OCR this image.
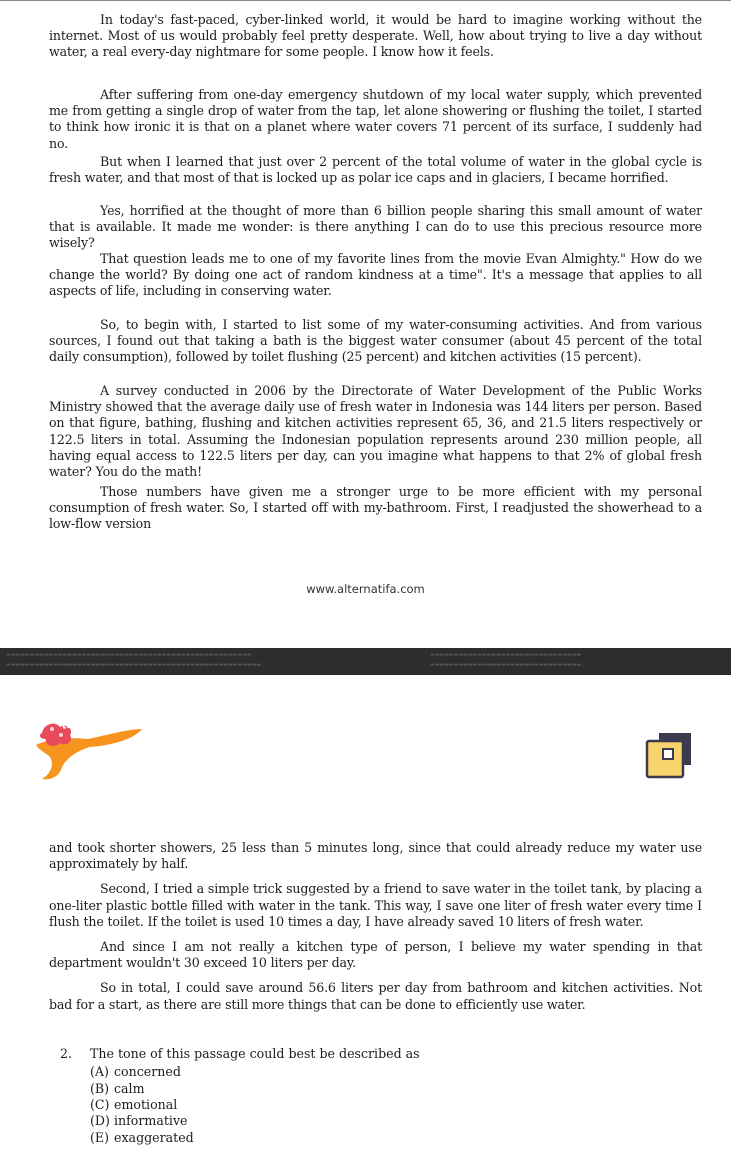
In today's fast-paced, cyber-linked world, it would be hard to imagine working without the internet. Most of us would probably feel pretty desperate. Well, how about trying to live a day without water, a real every-day nightmare for some people. I know how it feels.

After suffering from one-day emergency shutdown of my local water supply, which prevented me from getting a single drop of water from the tap, let alone showering or flushing the toilet, I started to think how ironic it is that on a planet where water covers 71 percent of its surface, I suddenly had no.

But when I learned that just over 2 percent of the total volume of water in the global cycle is fresh water, and that most of that is locked up as polar ice caps and in glaciers, I became horrified.

Yes, horrified at the thought of more than 6 billion people sharing this small amount of water that is available. It made me wonder: is there anything I can do to use this precious resource more wisely?

That question leads me to one of my favorite lines from the movie Evan Almighty." How do we change the world? By doing one act of random kindness at a time". It's a message that applies to all aspects of life, including in conserving water.

So, to begin with, I started to list some of my water-consuming activities. And from various sources, I found out that taking a bath is the biggest water consumer (about 45 percent of the total daily consumption), followed by toilet flushing (25 percent) and kitchen activities (15 percent).

A survey conducted in 2006 by the Directorate of Water Development of the Public Works Ministry showed that the average daily use of fresh water in Indonesia was 144 liters per person. Based on that figure, bathing, flushing and kitchen activities represent 65, 36, and 21.5 liters respectively or 122.5 liters in total. Assuming the Indonesian population represents around 230 million people, all having equal access to 122.5 liters per day, can you imagine what happens to that 2% of global fresh water? You do the math!

Those numbers have given me a stronger urge to be more efficient with my personal consumption of fresh water. So, I started off with my-bathroom. First, I readjusted the showerhead to a low-flow version

www.alternatifa.com
▬▬▬▬▬▬▬▬▬▬▬▬▬▬▬▬▬▬▬▬▬▬▬▬▬▬▬▬▬▬▬▬▬▬▬▬▬▬▬▬▬▬▬▬▬▬▬▬▬▬▬▬
▬▬▬▬▬▬▬▬▬▬▬▬▬▬▬▬▬▬▬▬▬▬▬▬▬▬▬▬▬▬▬▬▬▬▬▬▬▬▬▬▬▬▬▬▬▬▬▬▬▬▬▬▬▬
▬▬▬▬▬▬▬▬▬▬▬▬▬▬▬▬▬▬▬▬▬▬▬▬▬▬▬▬▬▬▬▬
▬▬▬▬▬▬▬▬▬▬▬▬▬▬▬▬▬▬▬▬▬▬▬▬▬▬▬▬▬▬▬▬
tamansiswa

and took shorter showers, 25 less than 5 minutes long, since that could already reduce my water use approximately by half.

Second, I tried a simple trick suggested by a friend to save water in the toilet tank, by placing a one-liter plastic bottle filled with water in the tank. This way, I save one liter of fresh water every time I flush the toilet. If the toilet is used 10 times a day, I have already saved 10 liters of fresh water.

And since I am not really a kitchen type of person, I believe my water spending in that department wouldn't 30 exceed 10 liters per day.

So in total, I could save around 56.6 liters per day from bathroom and kitchen activities. Not bad for a start, as there are still more things that can be done to efficiently use water.

2. The tone of this passage could best be described as

(A) concerned
(B) calm
(C) emotional
(D) informative
(E) exaggerated
